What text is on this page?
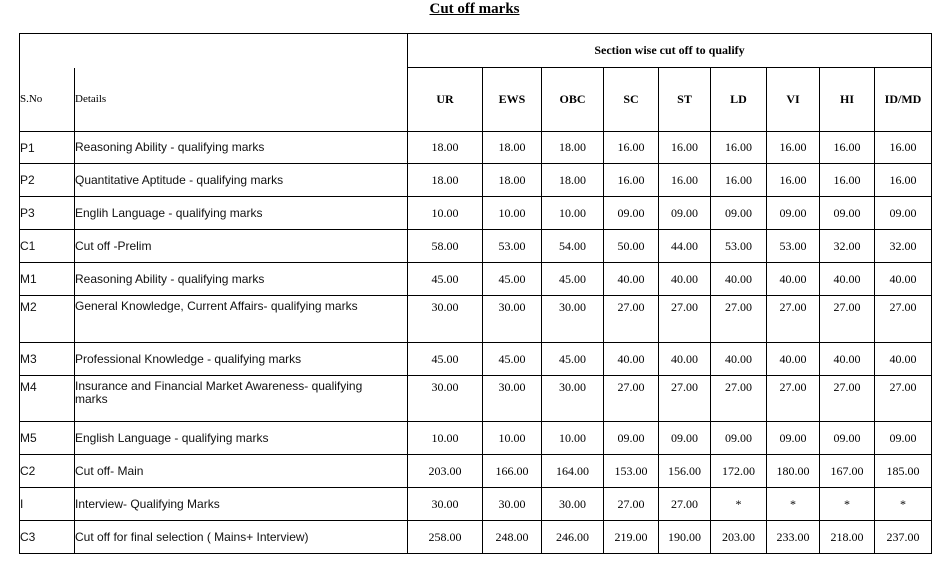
Cut off marks
		Section wise cut off to qualify								
S.No	Details	UR	EWS	OBC	SC	ST	LD	VI	HI	ID/MD
P1	Reasoning Ability - qualifying marks	18.00	18.00	18.00	16.00	16.00	16.00	16.00	16.00	16.00
P2	Quantitative Aptitude - qualifying marks	18.00	18.00	18.00	16.00	16.00	16.00	16.00	16.00	16.00
P3	Englih Language - qualifying marks	10.00	10.00	10.00	09.00	09.00	09.00	09.00	09.00	09.00
C1	Cut off -Prelim	58.00	53.00	54.00	50.00	44.00	53.00	53.00	32.00	32.00
M1	Reasoning Ability - qualifying marks	45.00	45.00	45.00	40.00	40.00	40.00	40.00	40.00	40.00
M2	General Knowledge, Current Affairs- qualifying marks	30.00	30.00	30.00	27.00	27.00	27.00	27.00	27.00	27.00
M3	Professional Knowledge - qualifying marks	45.00	45.00	45.00	40.00	40.00	40.00	40.00	40.00	40.00
M4	Insurance and Financial Market Awareness- qualifying marks	30.00	30.00	30.00	27.00	27.00	27.00	27.00	27.00	27.00
M5	English Language - qualifying marks	10.00	10.00	10.00	09.00	09.00	09.00	09.00	09.00	09.00
C2	Cut off- Main	203.00	166.00	164.00	153.00	156.00	172.00	180.00	167.00	185.00
I	Interview- Qualifying Marks	30.00	30.00	30.00	27.00	27.00	*	*	*	*
C3	Cut off for final selection ( Mains+ Interview)	258.00	248.00	246.00	219.00	190.00	203.00	233.00	218.00	237.00
